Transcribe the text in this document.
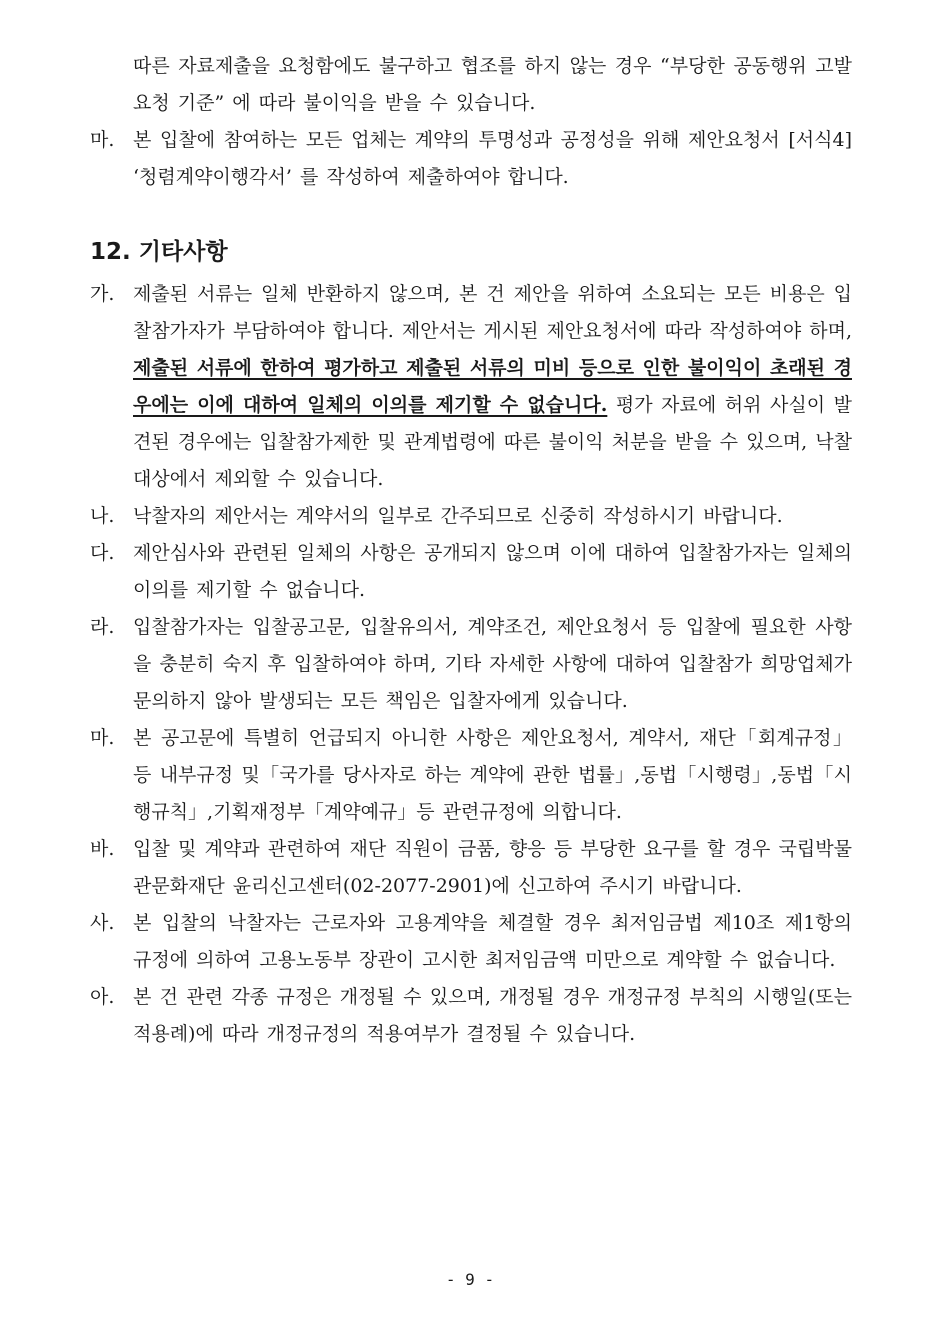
따른 자료제출을 요청함에도 불구하고 협조를 하지 않는 경우 “부당한 공동행위 고발요청 기준” 에 따라 불이익을 받을 수 있습니다.

마. 본 입찰에 참여하는 모든 업체는 계약의 투명성과 공정성을 위해 제안요청서 [서식4] ‘청렴계약이행각서’ 를 작성하여 제출하여야 합니다.

12. 기타사항

가. 제출된 서류는 일체 반환하지 않으며, 본 건 제안을 위하여 소요되는 모든 비용은 입찰참가자가 부담하여야 합니다. 제안서는 게시된 제안요청서에 따라 작성하여야 하며, 제출된 서류에 한하여 평가하고 제출된 서류의 미비 등으로 인한 불이익이 초래된 경우에는 이에 대하여 일체의 이의를 제기할 수 없습니다. 평가 자료에 허위 사실이 발견된 경우에는 입찰참가제한 및 관계법령에 따른 불이익 처분을 받을 수 있으며, 낙찰대상에서 제외할 수 있습니다.

나. 낙찰자의 제안서는 계약서의 일부로 간주되므로 신중히 작성하시기 바랍니다.

다. 제안심사와 관련된 일체의 사항은 공개되지 않으며 이에 대하여 입찰참가자는 일체의 이의를 제기할 수 없습니다.

라. 입찰참가자는 입찰공고문, 입찰유의서, 계약조건, 제안요청서 등 입찰에 필요한 사항을 충분히 숙지 후 입찰하여야 하며, 기타 자세한 사항에 대하여 입찰참가 희망업체가 문의하지 않아 발생되는 모든 책임은 입찰자에게 있습니다.

마. 본 공고문에 특별히 언급되지 아니한 사항은 제안요청서, 계약서, 재단「회계규정」 등 내부규정 및「국가를 당사자로 하는 계약에 관한 법률」,동법「시행령」,동법「시행규칙」,기획재정부「계약예규」등 관련규정에 의합니다.

바. 입찰 및 계약과 관련하여 재단 직원이 금품, 향응 등 부당한 요구를 할 경우 국립박물관문화재단 윤리신고센터(02-2077-2901)에 신고하여 주시기 바랍니다.

사. 본 입찰의 낙찰자는 근로자와 고용계약을 체결할 경우 최저임금법 제10조 제1항의 규정에 의하여 고용노동부 장관이 고시한 최저임금액 미만으로 계약할 수 없습니다.

아. 본 건 관련 각종 규정은 개정될 수 있으며, 개정될 경우 개정규정 부칙의 시행일(또는 적용례)에 따라 개정규정의 적용여부가 결정될 수 있습니다.

- 9 -
